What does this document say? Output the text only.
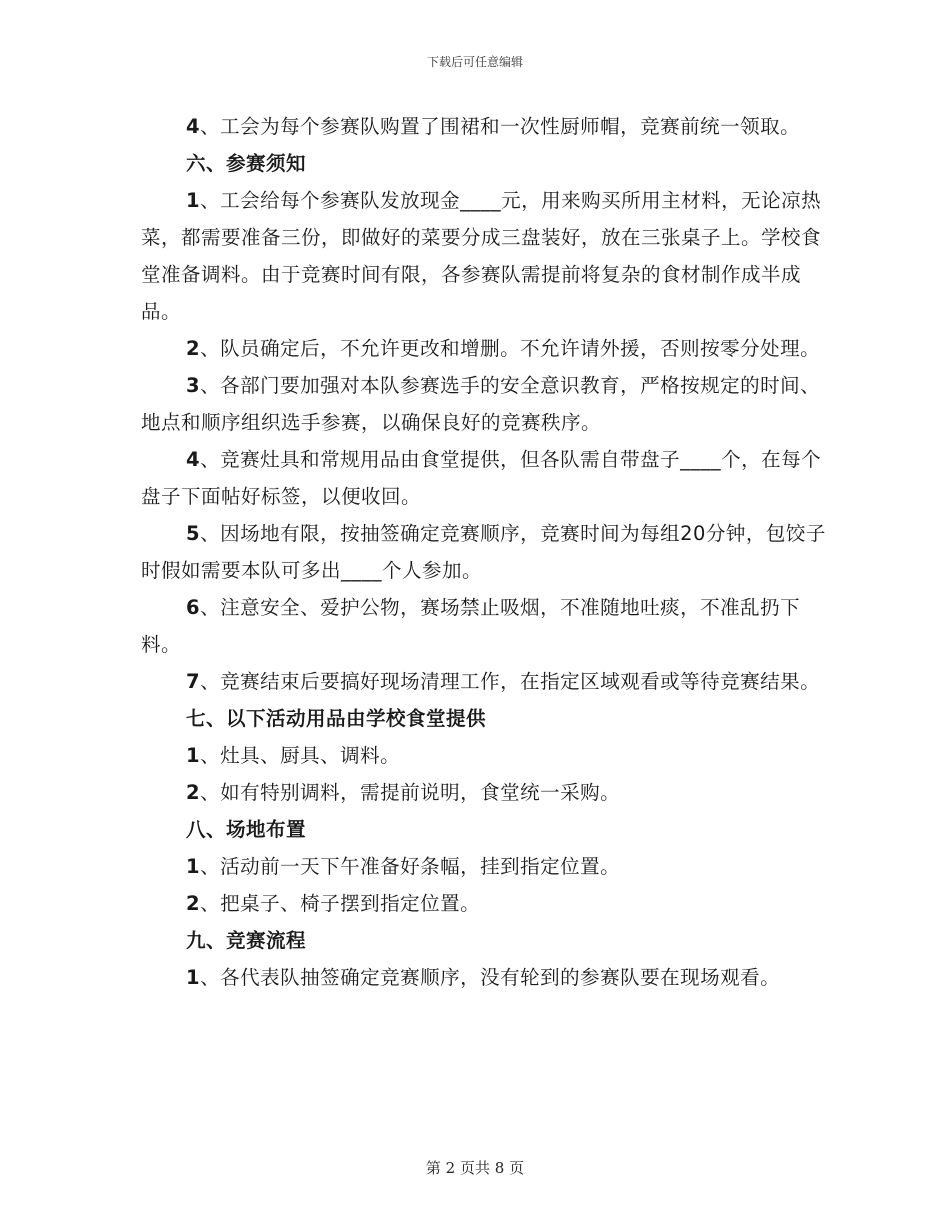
下载后可任意编辑

4、工会为每个参赛队购置了围裙和一次性厨师帽，竞赛前统一领取。

六、参赛须知

1、工会给每个参赛队发放现金____元，用来购买所用主材料，无论凉热菜，都需要准备三份，即做好的菜要分成三盘装好，放在三张桌子上。学校食堂准备调料。由于竞赛时间有限，各参赛队需提前将复杂的食材制作成半成品。

2、队员确定后，不允许更改和增删。不允许请外援，否则按零分处理。

3、各部门要加强对本队参赛选手的安全意识教育，严格按规定的时间、地点和顺序组织选手参赛，以确保良好的竞赛秩序。

4、竞赛灶具和常规用品由食堂提供，但各队需自带盘子____个，在每个盘子下面帖好标签，以便收回。

5、因场地有限，按抽签确定竞赛顺序，竞赛时间为每组20分钟，包饺子时假如需要本队可多出____个人参加。

6、注意安全、爱护公物，赛场禁止吸烟，不准随地吐痰，不准乱扔下料。

7、竞赛结束后要搞好现场清理工作，在指定区域观看或等待竞赛结果。

七、以下活动用品由学校食堂提供

1、灶具、厨具、调料。

2、如有特别调料，需提前说明，食堂统一采购。

八、场地布置

1、活动前一天下午准备好条幅，挂到指定位置。

2、把桌子、椅子摆到指定位置。

九、竞赛流程

1、各代表队抽签确定竞赛顺序，没有轮到的参赛队要在现场观看。

第 2 页共 8 页
